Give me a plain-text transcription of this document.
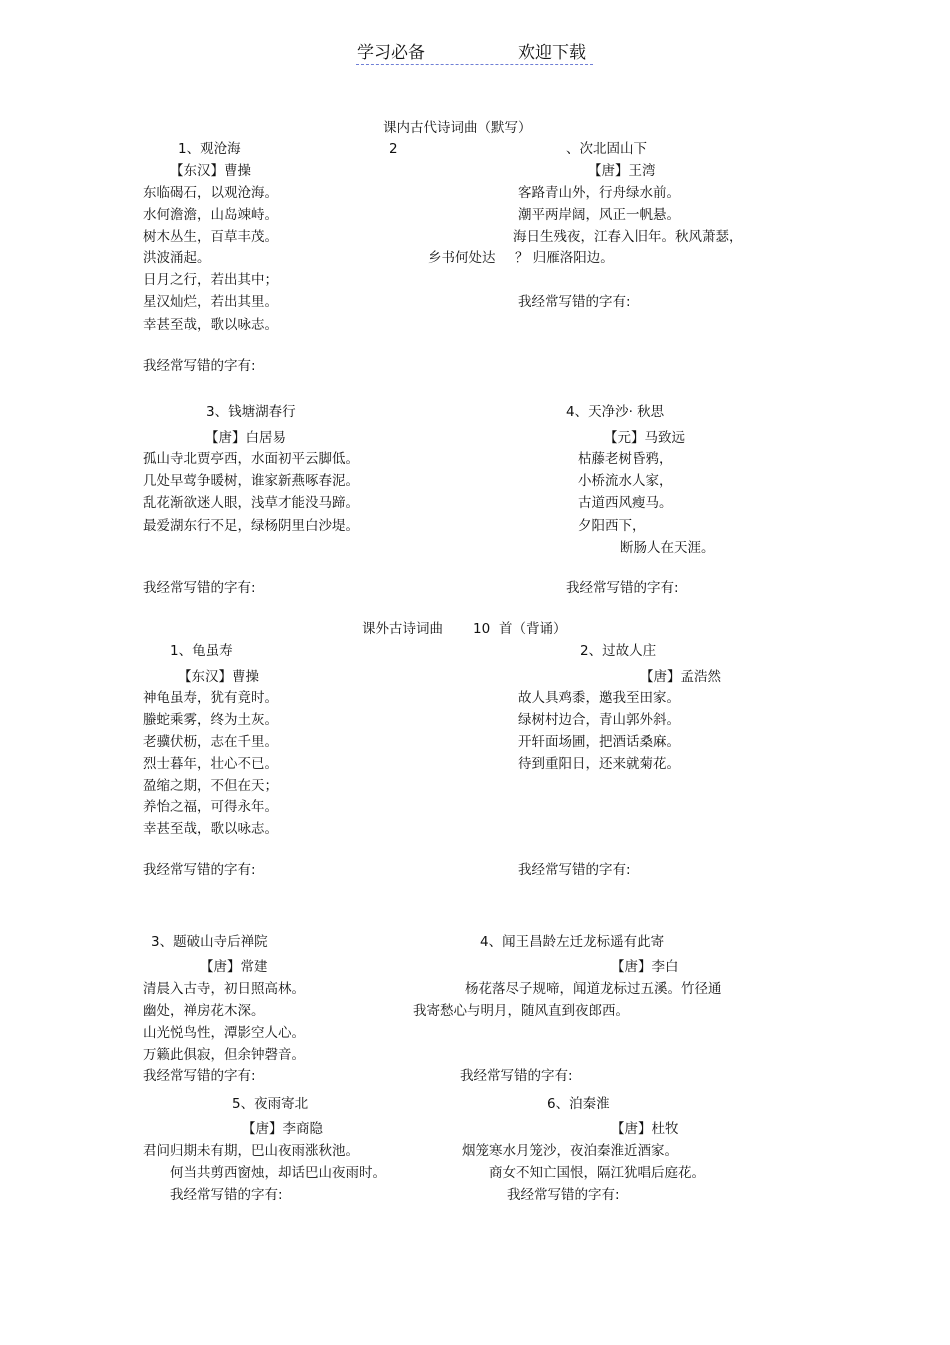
学习必备	欢迎下载
课内古代诗词曲（默写）
1、观沧海
【东汉】曹操
东临碣石，以观沧海。
水何澹澹，山岛竦峙。
树木丛生，百草丰茂。
洪波涌起。
日月之行，若出其中；
星汉灿烂，若出其里。
幸甚至哉，歌以咏志。
我经常写错的字有:
2	、次北固山下
【唐】王湾
客路青山外，行舟绿水前。
潮平两岸阔，风正一帆悬。
海日生残夜，江春入旧年。秋风萧瑟，
乡书何处达 ？ 归雁洛阳边。
我经常写错的字有:
3、钱塘湖春行
【唐】白居易
孤山寺北贾亭西，水面初平云脚低。
几处早莺争暖树，谁家新燕啄春泥。
乱花渐欲迷人眼，浅草才能没马蹄。
最爱湖东行不足，绿杨阴里白沙堤。
我经常写错的字有:
4、天净沙· 秋思
【元】马致远
枯藤老树昏鸦，
小桥流水人家，
古道西风瘦马。
夕阳西下，
断肠人在天涯。
我经常写错的字有:
课外古诗词曲 10 首（背诵）
1、龟虽寿
【东汉】曹操
神龟虽寿，犹有竟时。
螣蛇乘雾，终为土灰。
老骥伏枥，志在千里。
烈士暮年，壮心不已。
盈缩之期，不但在天；
养怡之福，可得永年。
幸甚至哉，歌以咏志。
我经常写错的字有:
2、过故人庄
【唐】孟浩然
故人具鸡黍，邀我至田家。
绿树村边合，青山郭外斜。
开轩面场圃，把酒话桑麻。
待到重阳日，还来就菊花。
我经常写错的字有:
3、题破山寺后禅院
【唐】常建
清晨入古寺，初日照高林。
幽处，禅房花木深。
山光悦鸟性，潭影空人心。
万籁此俱寂，但余钟磬音。
我经常写错的字有:
4、闻王昌龄左迁龙标遥有此寄
【唐】李白
杨花落尽子规啼，闻道龙标过五溪。竹径通
我寄愁心与明月，随风直到夜郎西。
我经常写错的字有:
5、夜雨寄北
【唐】李商隐
君问归期未有期，巴山夜雨涨秋池。
何当共剪西窗烛，却话巴山夜雨时。
我经常写错的字有:
6、泊秦淮
【唐】杜牧
烟笼寒水月笼沙，夜泊秦淮近酒家。
商女不知亡国恨，隔江犹唱后庭花。
我经常写错的字有:
